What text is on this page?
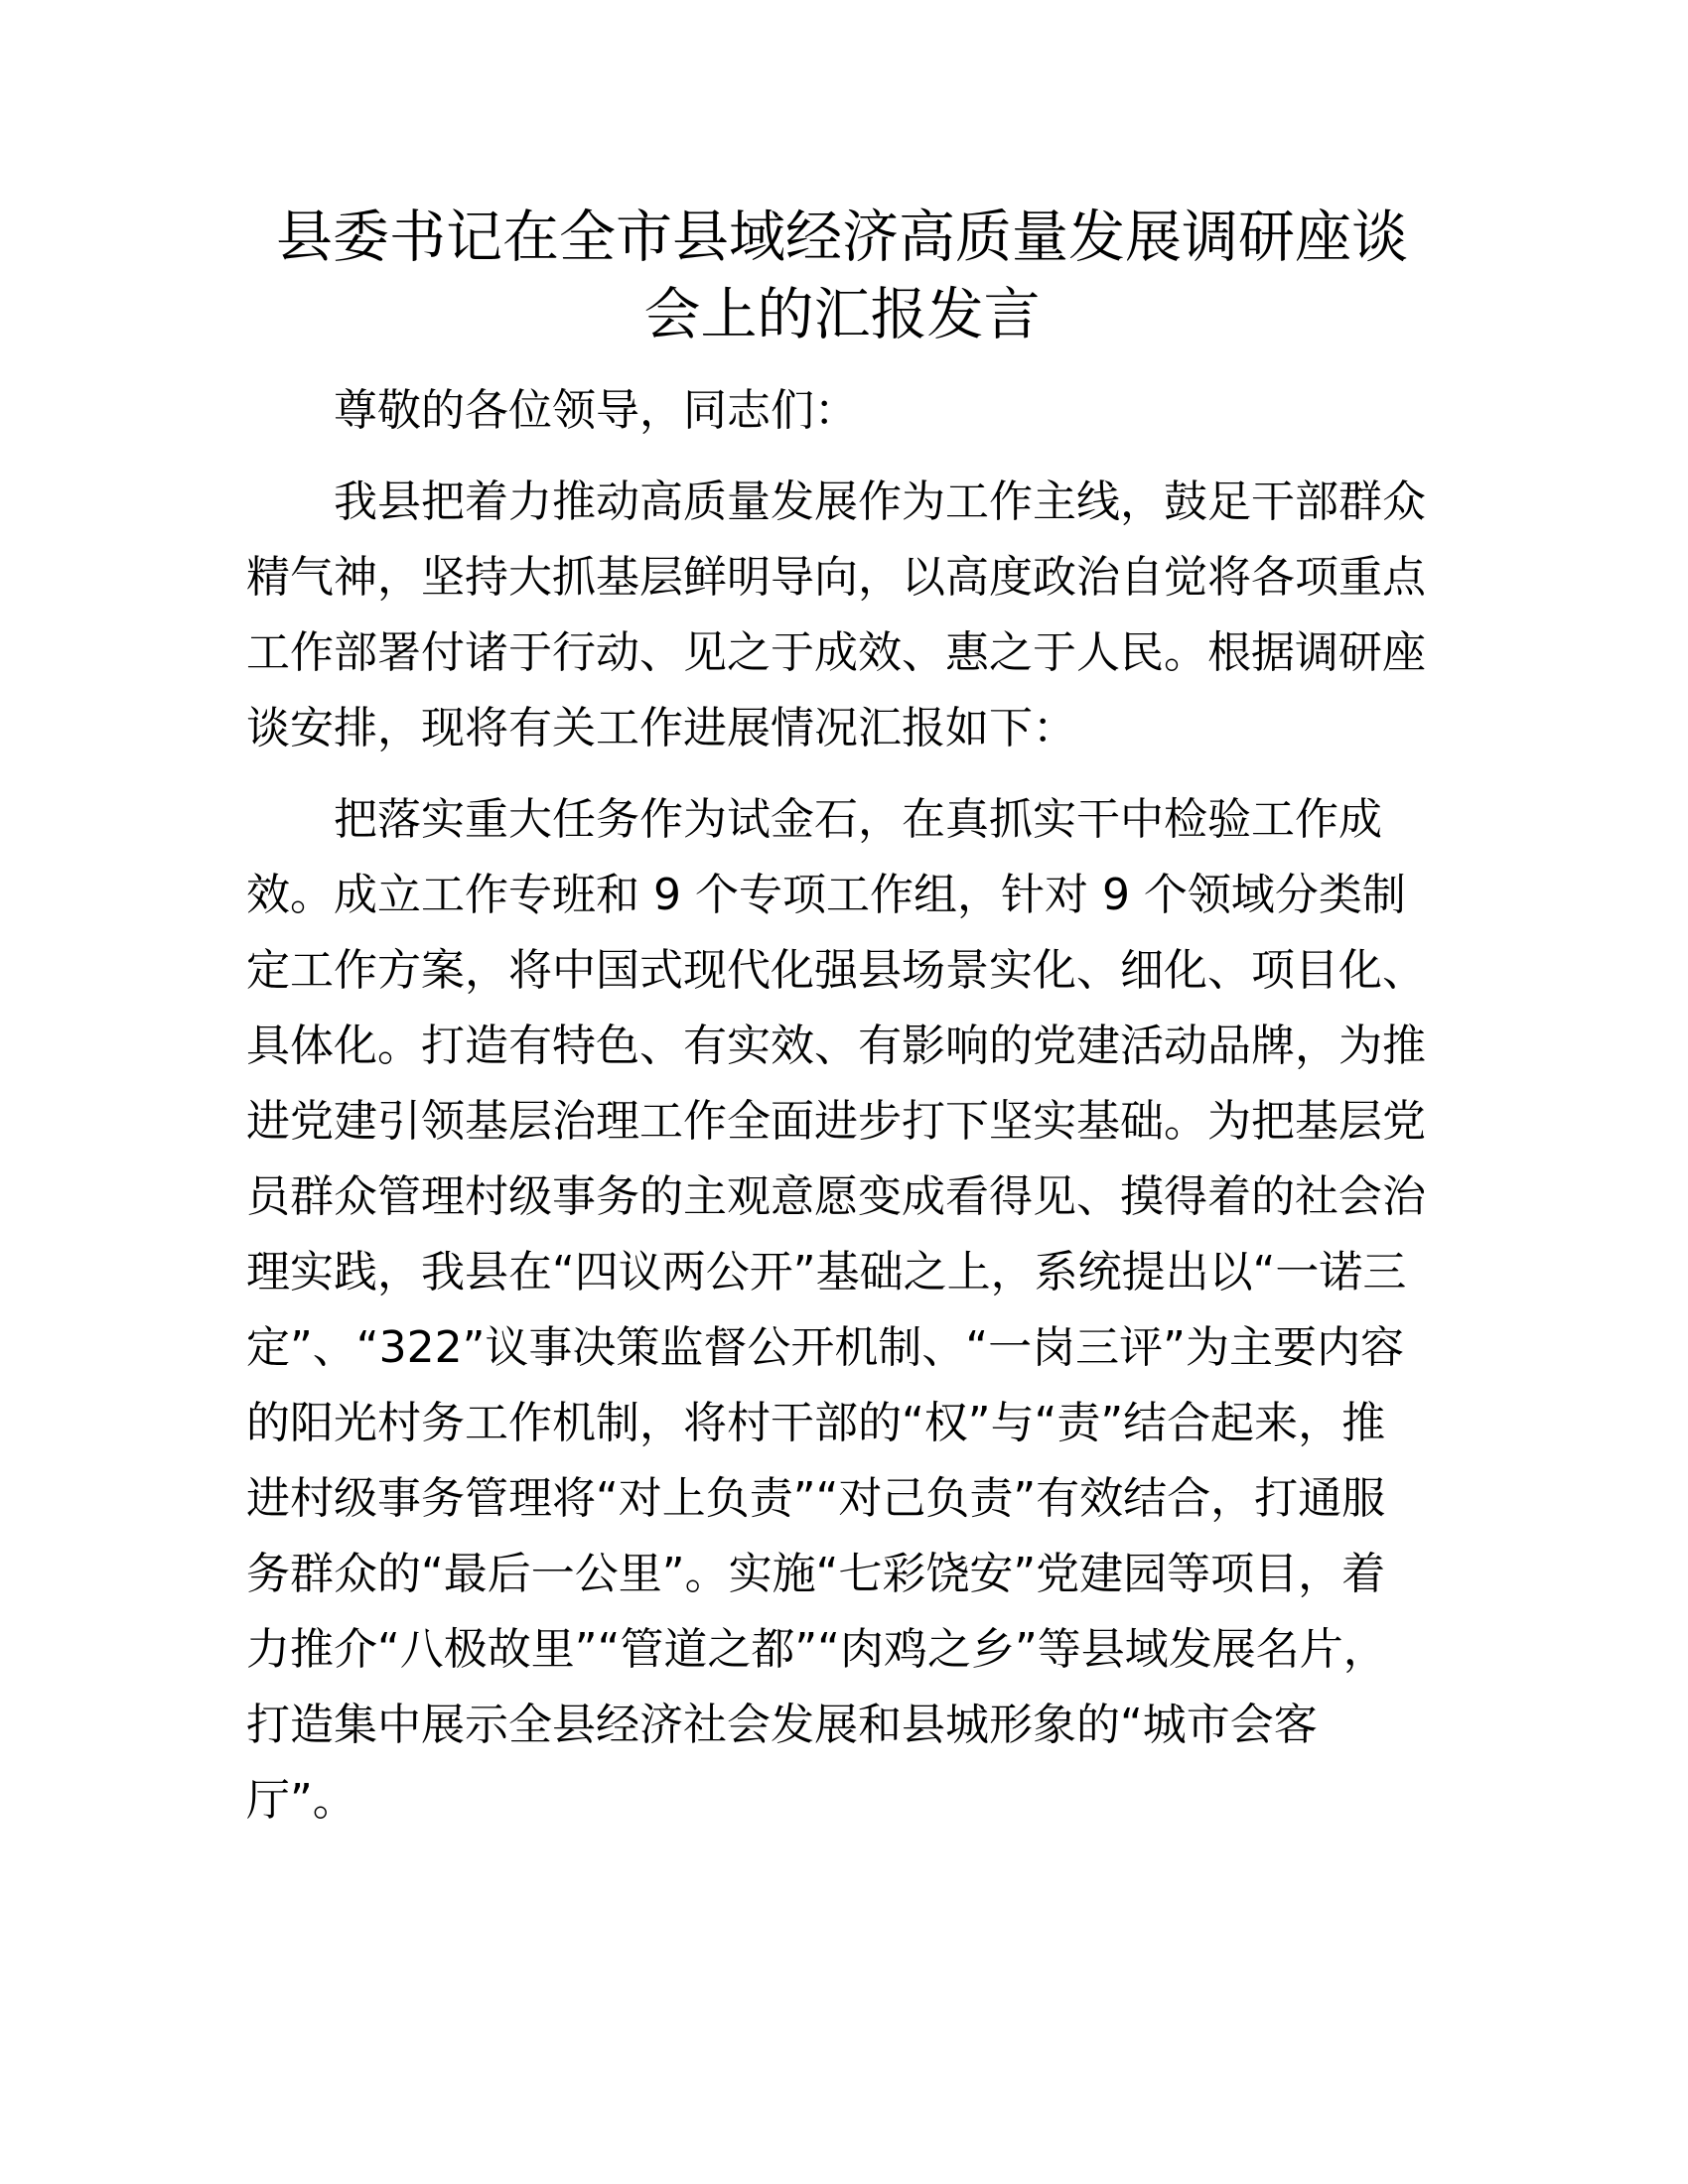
县委书记在全市县域经济高质量发展调研座谈
会上的汇报发言
尊敬的各位领导，同志们：
我县把着力推动高质量发展作为工作主线，鼓足干部群众
精气神，坚持大抓基层鲜明导向，以高度政治自觉将各项重点
工作部署付诸于行动、见之于成效、惠之于人民。根据调研座
谈安排，现将有关工作进展情况汇报如下：
把落实重大任务作为试金石，在真抓实干中检验工作成
效。成立工作专班和 9 个专项工作组，针对 9 个领域分类制
定工作方案，将中国式现代化强县场景实化、细化、项目化、
具体化。打造有特色、有实效、有影响的党建活动品牌，为推
进党建引领基层治理工作全面进步打下坚实基础。为把基层党
员群众管理村级事务的主观意愿变成看得见、摸得着的社会治
理实践，我县在“四议两公开”基础之上，系统提出以“一诺三
定”、“322”议事决策监督公开机制、“一岗三评”为主要内容
的阳光村务工作机制，将村干部的“权”与“责”结合起来，推
进村级事务管理将“对上负责”“对己负责”有效结合，打通服
务群众的“最后一公里”。实施“七彩饶安”党建园等项目，着
力推介“八极故里”“管道之都”“肉鸡之乡”等县域发展名片，
打造集中展示全县经济社会发展和县城形象的“城市会客
厅”。
